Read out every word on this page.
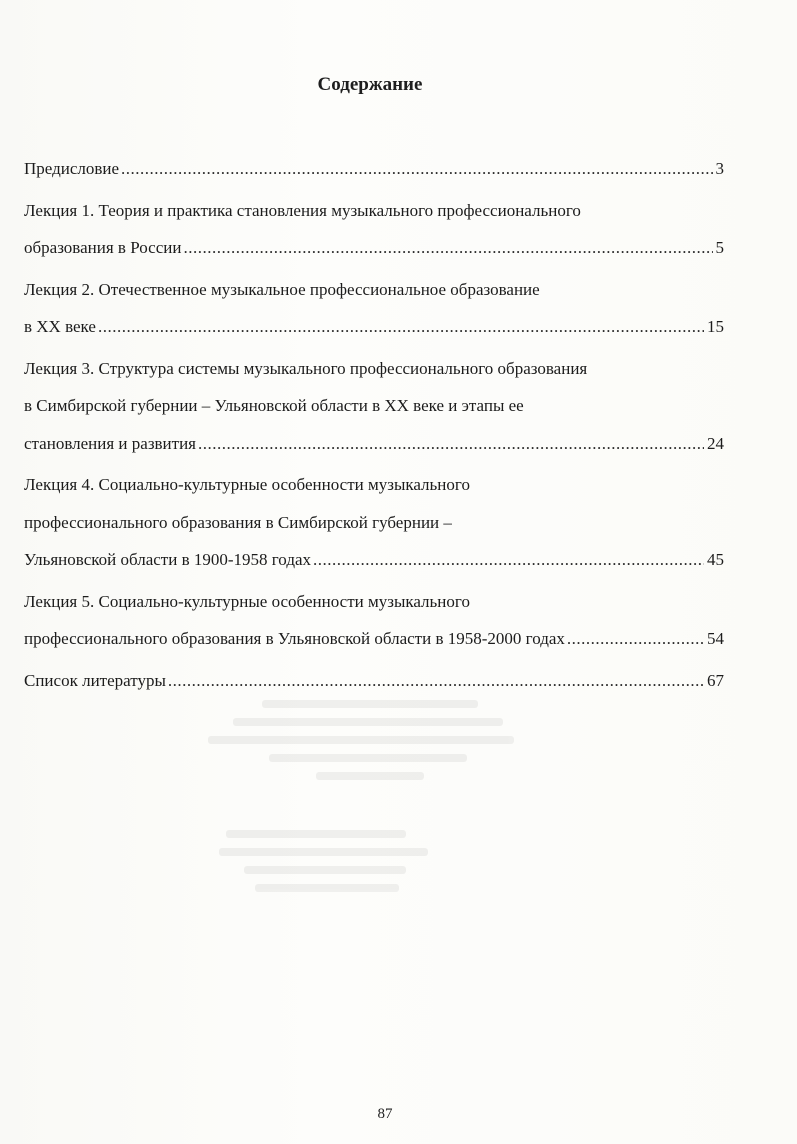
Содержание
Предисловие .....	3
Лекция 1. Теория и практика становления музыкального профессионального
образования в России .....	5
Лекция 2. Отечественное музыкальное профессиональное образование
в XX веке .....	15
Лекция 3. Структура системы музыкального профессионального образования
в Симбирской губернии – Ульяновской области в XX веке и этапы ее
становления и развития .....	24
Лекция 4. Социально-культурные особенности музыкального
профессионального образования в Симбирской губернии –
Ульяновской области в 1900-1958 годах .....	45
Лекция 5. Социально-культурные особенности музыкального
профессионального образования в Ульяновской области в 1958-2000 годах .....	54
Список литературы .....	67
87
